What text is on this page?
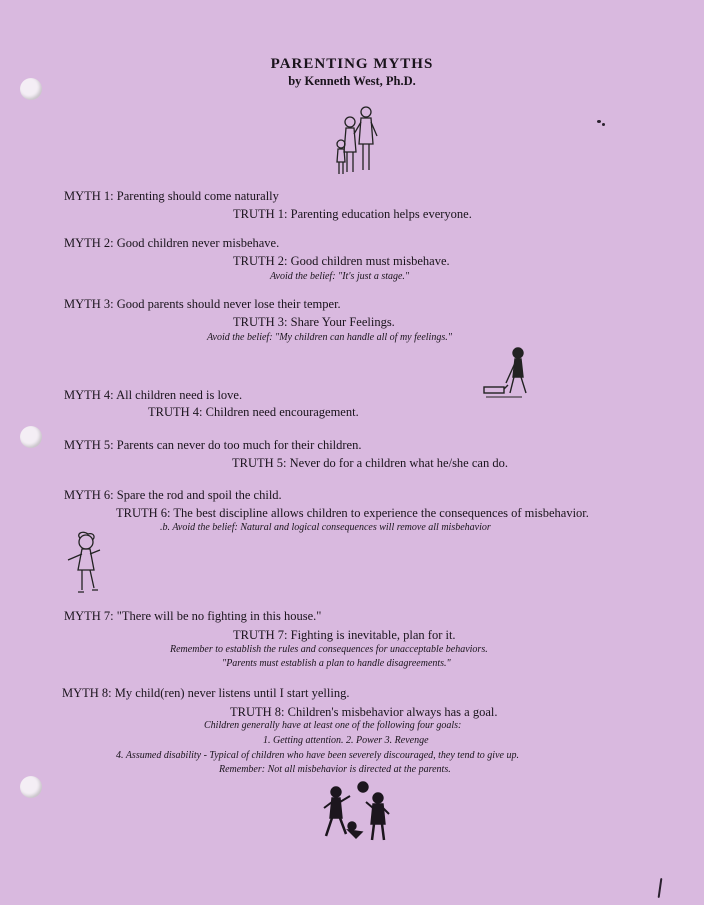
PARENTING MYTHS
by Kenneth West, Ph.D.
MYTH 1: Parenting should come naturally
TRUTH 1: Parenting education helps everyone.
MYTH 2: Good children never misbehave.
TRUTH 2: Good children must misbehave.
Avoid the belief: "It's just a stage."
MYTH 3: Good parents should never lose their temper.
TRUTH 3: Share Your Feelings.
Avoid the belief: "My children can handle all of my feelings."
MYTH 4: All children need is love.
TRUTH 4: Children need encouragement.
MYTH 5: Parents can never do too much for their children.
TRUTH 5: Never do for a children what he/she can do.
MYTH 6: Spare the rod and spoil the child.
TRUTH 6: The best discipline allows children to experience the consequences of misbehavior.
.b. Avoid the belief: Natural and logical consequences will remove all misbehavior
MYTH 7: "There will be no fighting in this house."
TRUTH 7: Fighting is inevitable, plan for it.
Remember to establish the rules and consequences for unacceptable behaviors.
"Parents must establish a plan to handle disagreements."
MYTH 8: My child(ren) never listens until I start yelling.
TRUTH 8: Children's misbehavior always has a goal.
Children generally have at least one of the following four goals:
1. Getting attention. 2. Power 3. Revenge
4. Assumed disability - Typical of children who have been severely discouraged, they tend to give up.
Remember: Not all misbehavior is directed at the parents.
